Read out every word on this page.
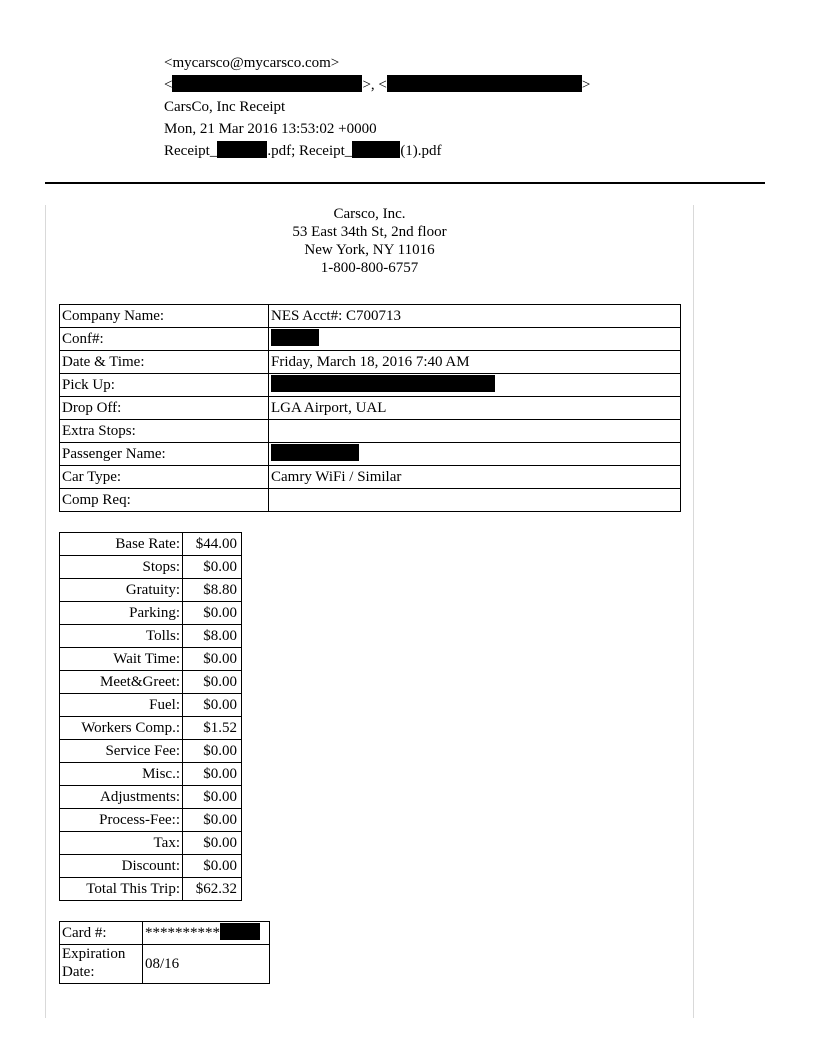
<mycarsco@mycarsco.com>
<	>, <	>
CarsCo, Inc Receipt
Mon, 21 Mar 2016 13:53:02 +0000
Receipt_	.pdf; Receipt_	(1).pdf
Carsco, Inc.
53 East 34th St, 2nd floor
New York, NY 11016
1-800-800-6757
Company Name:	NES Acct#: C700713
Conf#:	
Date & Time:	Friday, March 18, 2016 7:40 AM
Pick Up:	
Drop Off:	LGA Airport, UAL
Extra Stops:	
Passenger Name:	
Car Type:	Camry WiFi / Similar
Comp Req:	
Base Rate:	$44.00
Stops:	$0.00
Gratuity:	$8.80
Parking:	$0.00
Tolls:	$8.00
Wait Time:	$0.00
Meet&Greet:	$0.00
Fuel:	$0.00
Workers Comp.:	$1.52
Service Fee:	$0.00
Misc.:	$0.00
Adjustments:	$0.00
Process-Fee::	$0.00
Tax:	$0.00
Discount:	$0.00
Total This Trip:	$62.32
Card #:	**********

Expiration
Date:	08/16
